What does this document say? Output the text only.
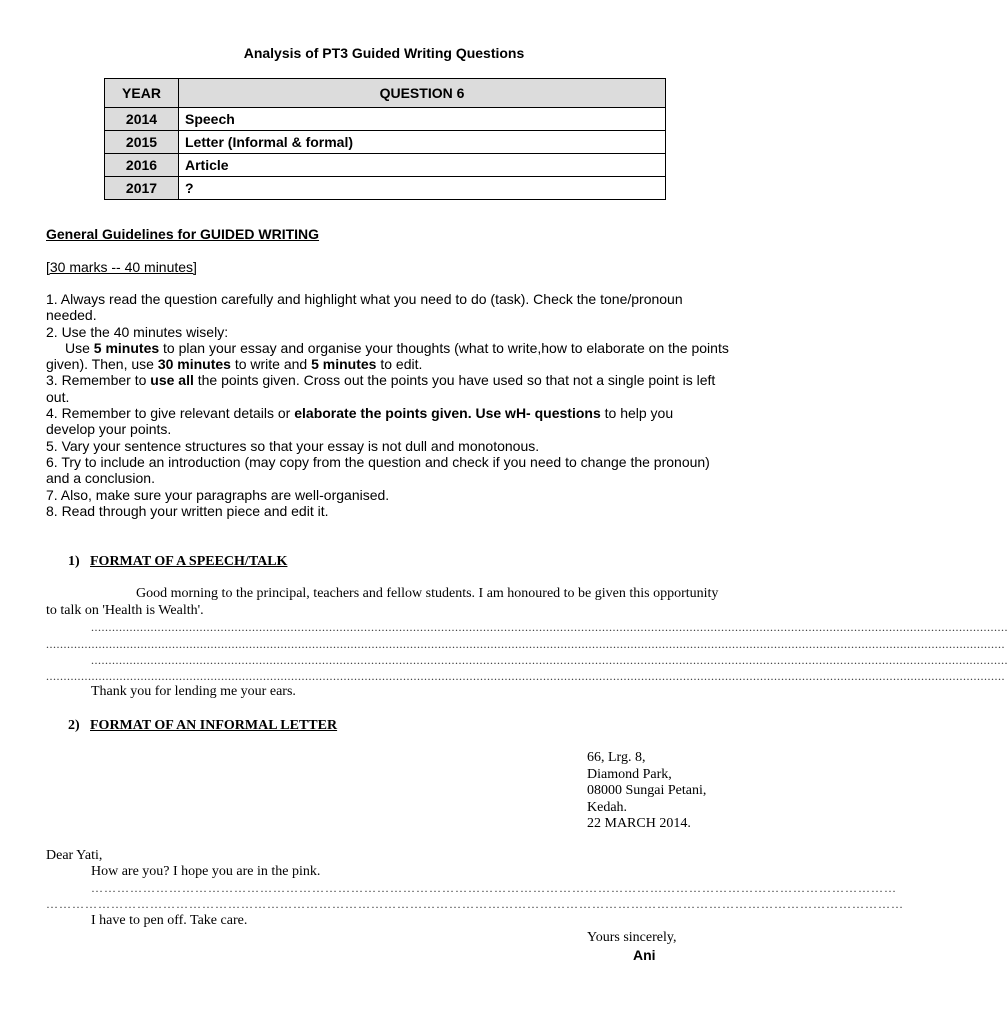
Analysis of PT3 Guided Writing Questions
YEAR	QUESTION 6
2014	Speech
2015	Letter (Informal & formal)
2016	Article
2017	?
General Guidelines for GUIDED WRITING
[30 marks -- 40 minutes]
1. Always read the question carefully and highlight what you need to do (task). Check the tone/pronoun
needed.
2. Use the 40 minutes wisely:
Use 5 minutes to plan your essay and organise your thoughts (what to write,how to elaborate on the points
given). Then, use 30 minutes to write and 5 minutes to edit.
3. Remember to use all the points given. Cross out the points you have used so that not a single point is left
out.
4. Remember to give relevant details or elaborate the points given. Use wH- questions to help you
develop your points.
5. Vary your sentence structures so that your essay is not dull and monotonous.
6. Try to include an introduction (may copy from the question and check if you need to change the pronoun)
and a conclusion.
7. Also, make sure your paragraphs are well-organised.
8. Read through your written piece and edit it.
1) FORMAT OF A SPEECH/TALK
Good morning to the principal, teachers and fellow students. I am honoured to be given this opportunity
to talk on 'Health is Wealth'.
......................................................................................................................................................................................................................................................................
..................................................................................................................................................................................................................................................................................
......................................................................................................................................................................................................................................................................
..................................................................................................................................................................................................................................................................................
Thank you for lending me your ears.
2) FORMAT OF AN INFORMAL LETTER
66, Lrg. 8,
Diamond Park,
08000 Sungai Petani,
Kedah.
22 MARCH 2014.
Dear Yati,
How are you? I hope you are in the pink.
……………………………………………………………………………………………………………………………………………………………………
………………………………………………………………………………………………………………………………………………………………………………
I have to pen off. Take care.
Yours sincerely,
Ani
